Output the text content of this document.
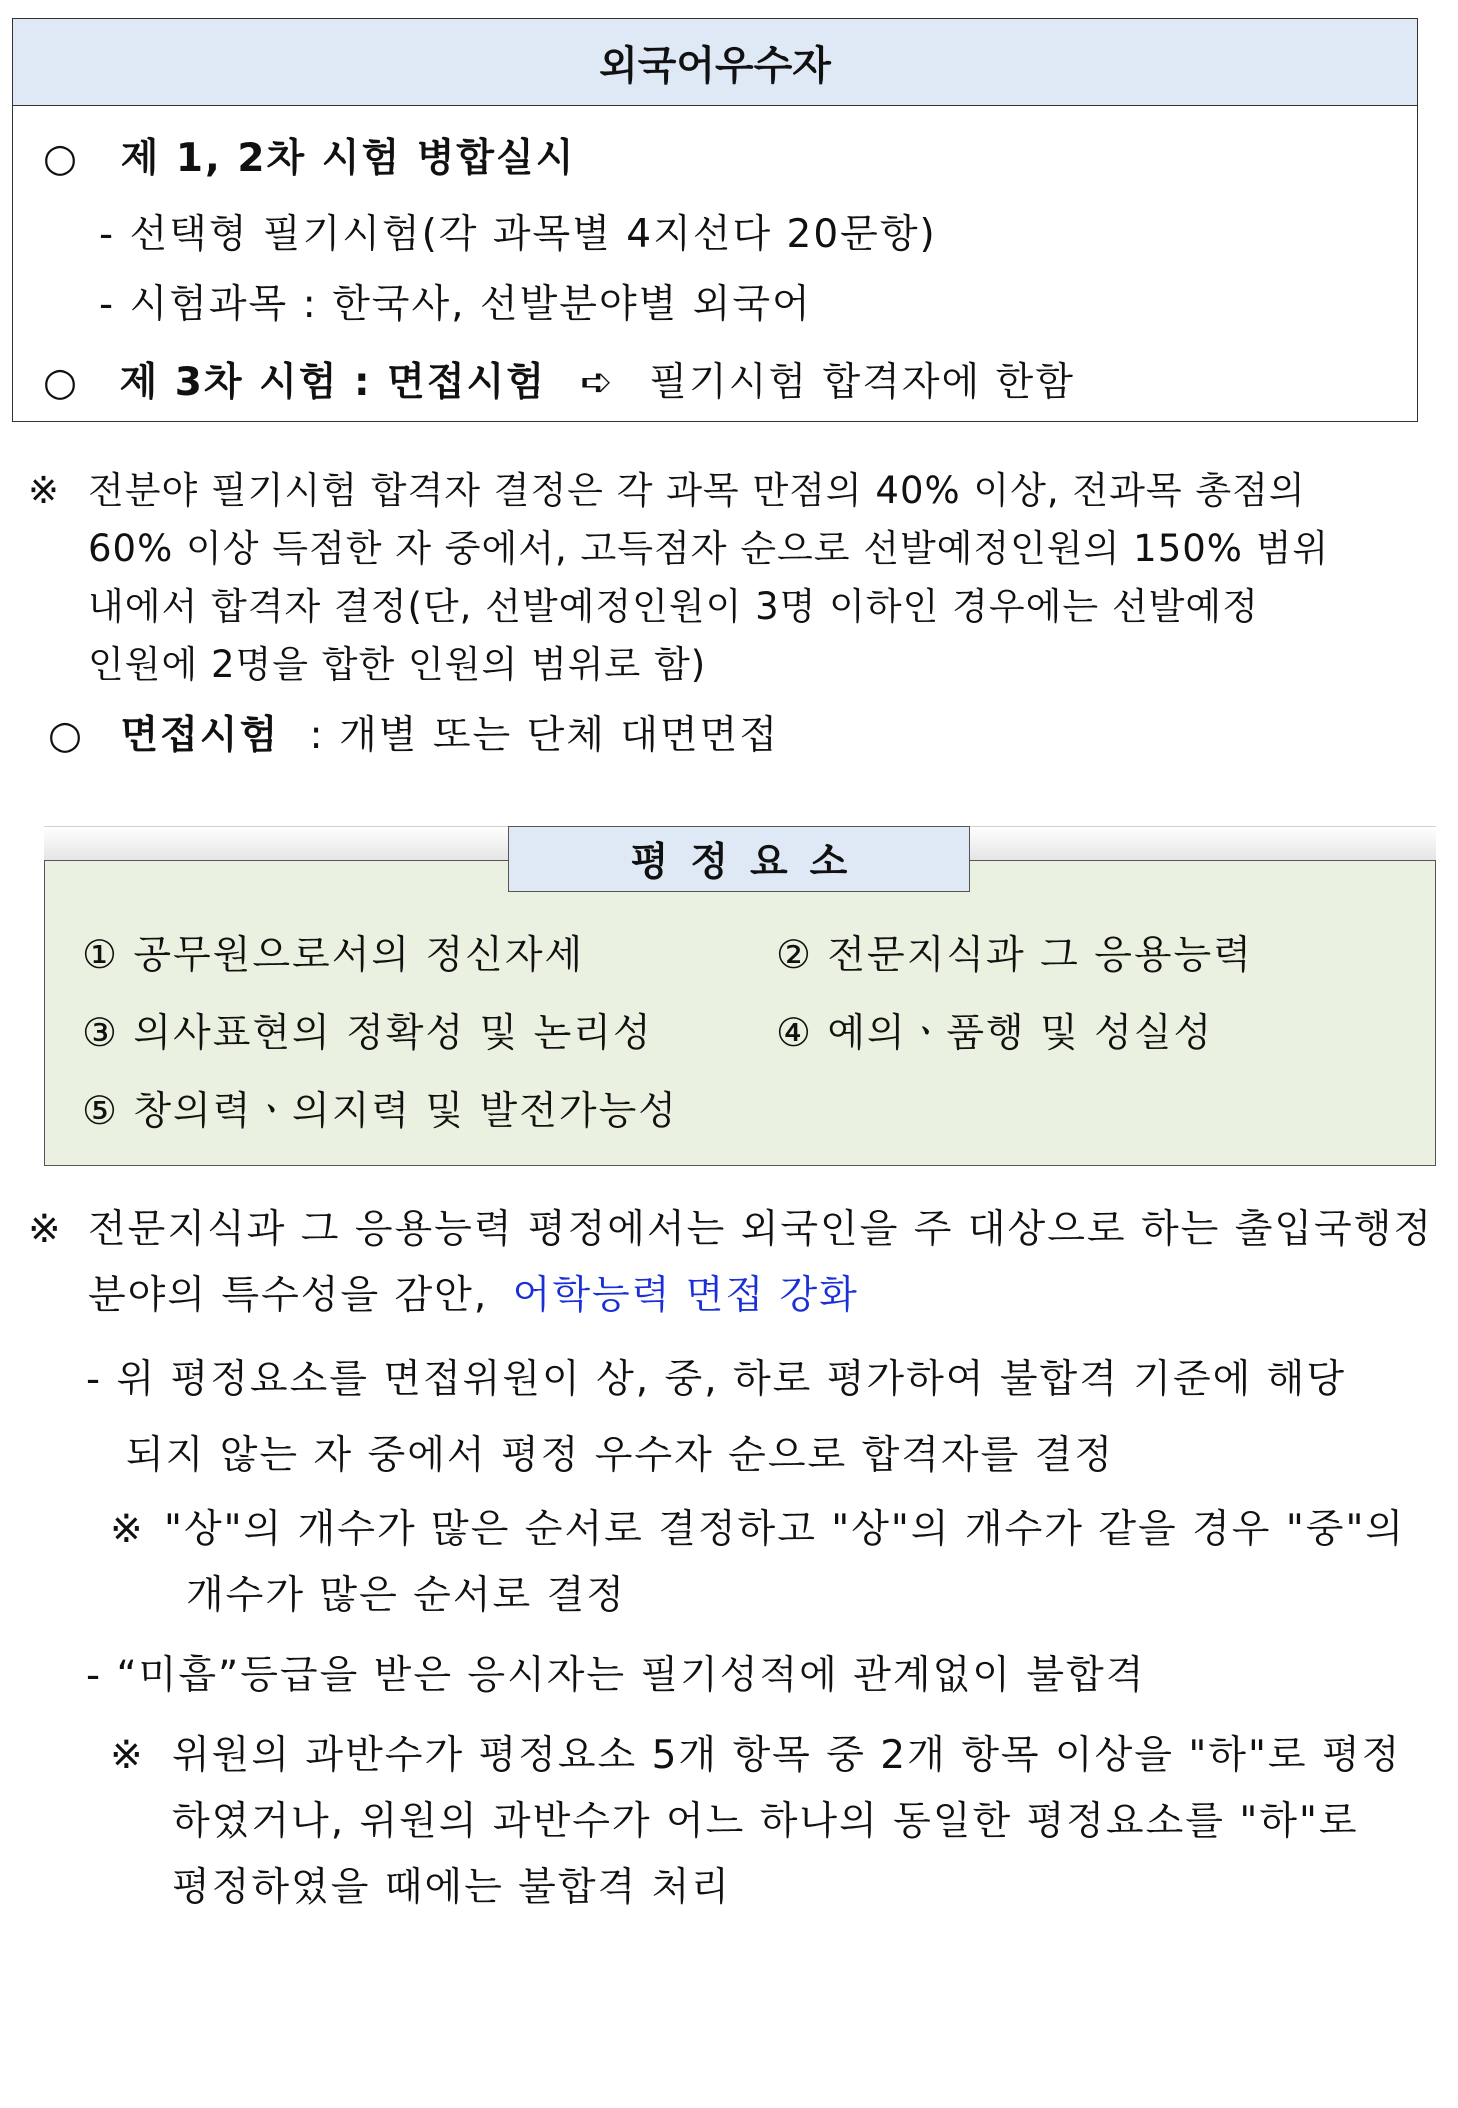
외국어우수자
○ 제 1, 2차 시험 병합실시
- 선택형 필기시험(각 과목별 4지선다 20문항)
- 시험과목 : 한국사, 선발분야별 외국어
○ 제 3차 시험 : 면접시험 ➪ 필기시험 합격자에 한함
※ 전분야 필기시험 합격자 결정은 각 과목 만점의 40% 이상, 전과목 총점의
60% 이상 득점한 자 중에서, 고득점자 순으로 선발예정인원의 150% 범위
내에서 합격자 결정(단, 선발예정인원이 3명 이하인 경우에는 선발예정
인원에 2명을 합한 인원의 범위로 함)
○ 면접시험 : 개별 또는 단체 대면면접
평정요소
① 공무원으로서의 정신자세	② 전문지식과 그 응용능력
③ 의사표현의 정확성 및 논리성	④ 예의ㆍ품행 및 성실성
⑤ 창의력ㆍ의지력 및 발전가능성
※ 전문지식과 그 응용능력 평정에서는 외국인을 주 대상으로 하는 출입국행정
분야의 특수성을 감안, 어학능력 면접 강화
- 위 평정요소를 면접위원이 상, 중, 하로 평가하여 불합격 기준에 해당
되지 않는 자 중에서 평정 우수자 순으로 합격자를 결정
※ "상"의 개수가 많은 순서로 결정하고 "상"의 개수가 같을 경우 "중"의
개수가 많은 순서로 결정
- “미흡”등급을 받은 응시자는 필기성적에 관계없이 불합격
※ 위원의 과반수가 평정요소 5개 항목 중 2개 항목 이상을 "하"로 평정
하였거나, 위원의 과반수가 어느 하나의 동일한 평정요소를 "하"로
평정하였을 때에는 불합격 처리
